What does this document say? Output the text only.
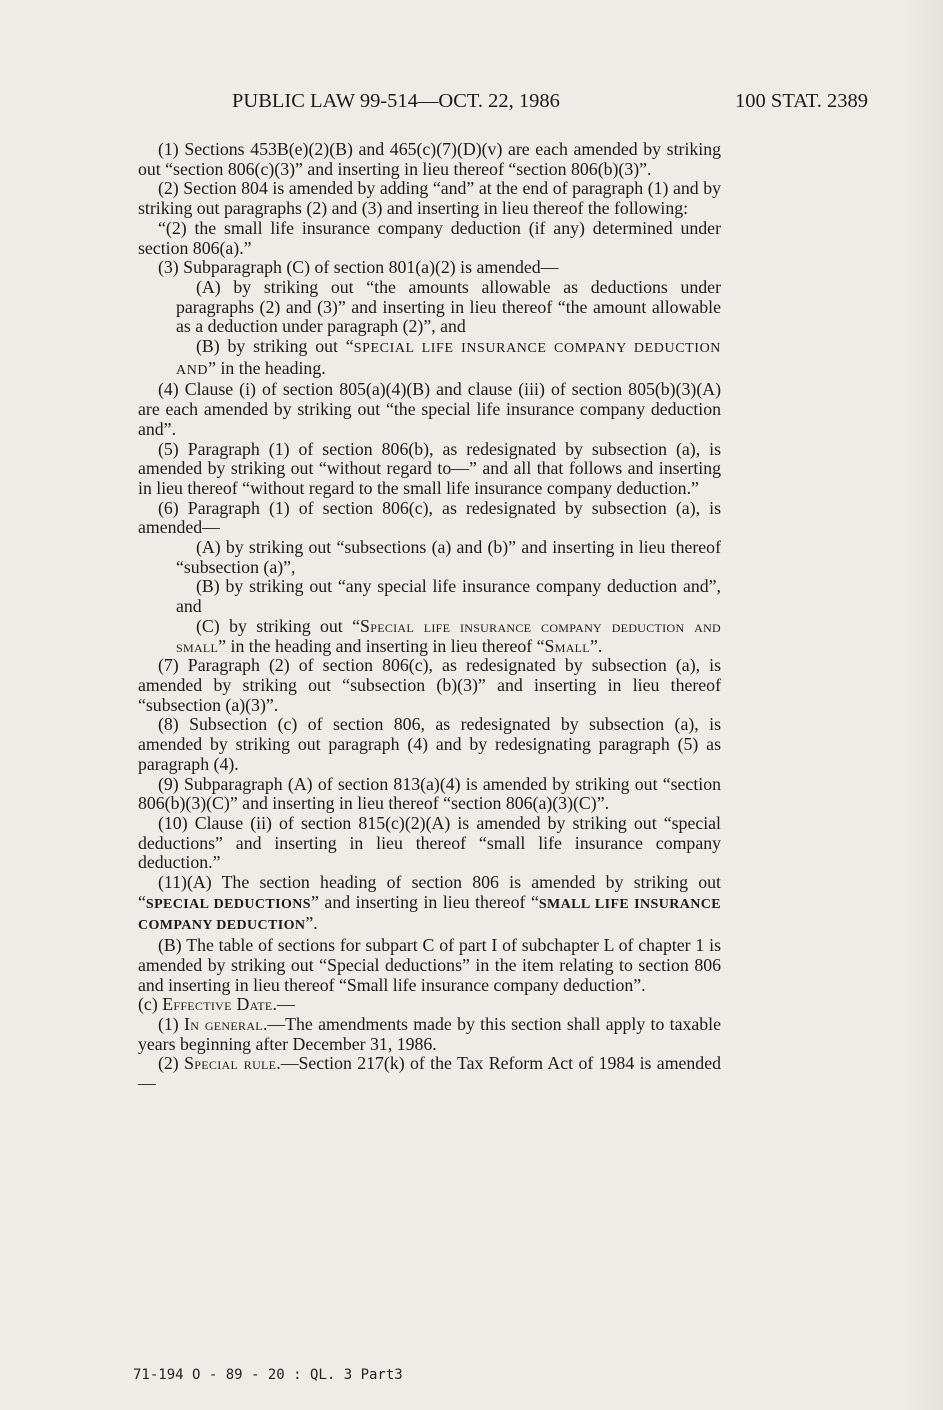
PUBLIC LAW 99-514—OCT. 22, 1986	100 STAT. 2389

(1) Sections 453B(e)(2)(B) and 465(c)(7)(D)(v) are each amended by striking out “section 806(c)(3)” and inserting in lieu thereof “section 806(b)(3)”.

(2) Section 804 is amended by adding “and” at the end of paragraph (1) and by striking out paragraphs (2) and (3) and inserting in lieu thereof the following:

“(2) the small life insurance company deduction (if any) determined under section 806(a).”

(3) Subparagraph (C) of section 801(a)(2) is amended—

(A) by striking out “the amounts allowable as deductions under paragraphs (2) and (3)” and inserting in lieu thereof “the amount allowable as a deduction under paragraph (2)”, and

(B) by striking out “SPECIAL LIFE INSURANCE COMPANY DEDUCTION AND” in the heading.

(4) Clause (i) of section 805(a)(4)(B) and clause (iii) of section 805(b)(3)(A) are each amended by striking out “the special life insurance company deduction and”.

(5) Paragraph (1) of section 806(b), as redesignated by subsection (a), is amended by striking out “without regard to—” and all that follows and inserting in lieu thereof “without regard to the small life insurance company deduction.”

(6) Paragraph (1) of section 806(c), as redesignated by subsection (a), is amended—

(A) by striking out “subsections (a) and (b)” and inserting in lieu thereof “subsection (a)”,

(B) by striking out “any special life insurance company deduction and”, and

(C) by striking out “Special life insurance company deduction and small” in the heading and inserting in lieu thereof “Small”.

(7) Paragraph (2) of section 806(c), as redesignated by subsection (a), is amended by striking out “subsection (b)(3)” and inserting in lieu thereof “subsection (a)(3)”.

(8) Subsection (c) of section 806, as redesignated by subsection (a), is amended by striking out paragraph (4) and by redesignating paragraph (5) as paragraph (4).

(9) Subparagraph (A) of section 813(a)(4) is amended by striking out “section 806(b)(3)(C)” and inserting in lieu thereof “section 806(a)(3)(C)”.

(10) Clause (ii) of section 815(c)(2)(A) is amended by striking out “special deductions” and inserting in lieu thereof “small life insurance company deduction.”

(11)(A) The section heading of section 806 is amended by striking out “SPECIAL DEDUCTIONS” and inserting in lieu thereof “SMALL LIFE INSURANCE COMPANY DEDUCTION”.

(B) The table of sections for subpart C of part I of subchapter L of chapter 1 is amended by striking out “Special deductions” in the item relating to section 806 and inserting in lieu thereof “Small life insurance company deduction”.

(c) Effective Date.—

(1) In general.—The amendments made by this section shall apply to taxable years beginning after December 31, 1986.

(2) Special rule.—Section 217(k) of the Tax Reform Act of 1984 is amended—

71-194 O - 89 - 20 : QL. 3 Part3
